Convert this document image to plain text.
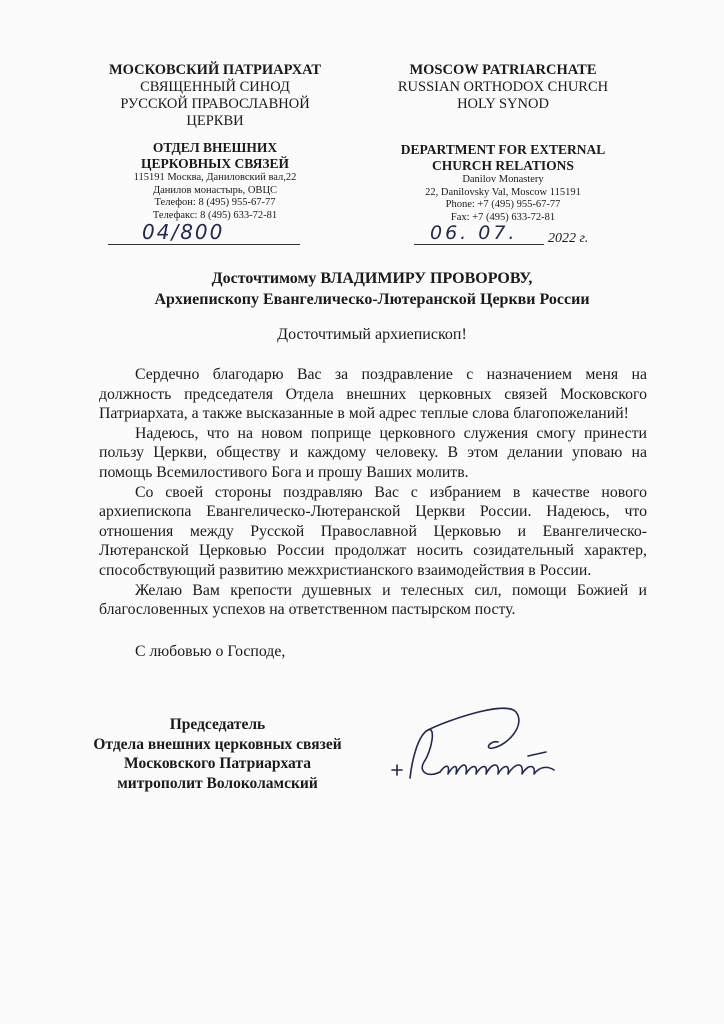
МОСКОВСКИЙ ПАТРИАРХАТ
СВЯЩЕННЫЙ СИНОД
РУССКОЙ ПРАВОСЛАВНОЙ
ЦЕРКВИ
ОТДЕЛ ВНЕШНИХ
ЦЕРКОВНЫХ СВЯЗЕЙ
115191 Москва, Даниловский вал,22
Данилов монастырь, ОВЦС
Телефон: 8 (495) 955-67-77
Телефакс: 8 (495) 633-72-81
MOSCOW PATRIARCHATE
RUSSIAN ORTHODOX CHURCH
HOLY SYNOD
DEPARTMENT FOR EXTERNAL
CHURCH RELATIONS
Danilov Monastery
22, Danilovsky Val, Moscow 115191
Phone: +7 (495) 955-67-77
Fax: +7 (495) 633-72-81
04/800	06. 07. 2022 г.
Досточтимому ВЛАДИМИРУ ПРОВОРОВУ,
Архиепископу Евангелическо-Лютеранской Церкви России
Досточтимый архиепископ!

Сердечно благодарю Вас за поздравление с назначением меня на должность председателя Отдела внешних церковных связей Московского Патриархата, а также высказанные в мой адрес теплые слова благопожеланий!

Надеюсь, что на новом поприще церковного служения смогу принести пользу Церкви, обществу и каждому человеку. В этом делании уповаю на помощь Всемилостивого Бога и прошу Ваших молитв.

Со своей стороны поздравляю Вас с избранием в качестве нового архиепископа Евангелическо-Лютеранской Церкви России. Надеюсь, что отношения между Русской Православной Церковью и Евангелическо-Лютеранской Церковью России продолжат носить созидательный характер, способствующий развитию межхристианского взаимодействия в России.

Желаю Вам крепости душевных и телесных сил, помощи Божией и благословенных успехов на ответственном пастырском посту.

С любовью о Господе,
Председатель
Отдела внешних церковных связей
Московского Патриархата
митрополит Волоколамский
